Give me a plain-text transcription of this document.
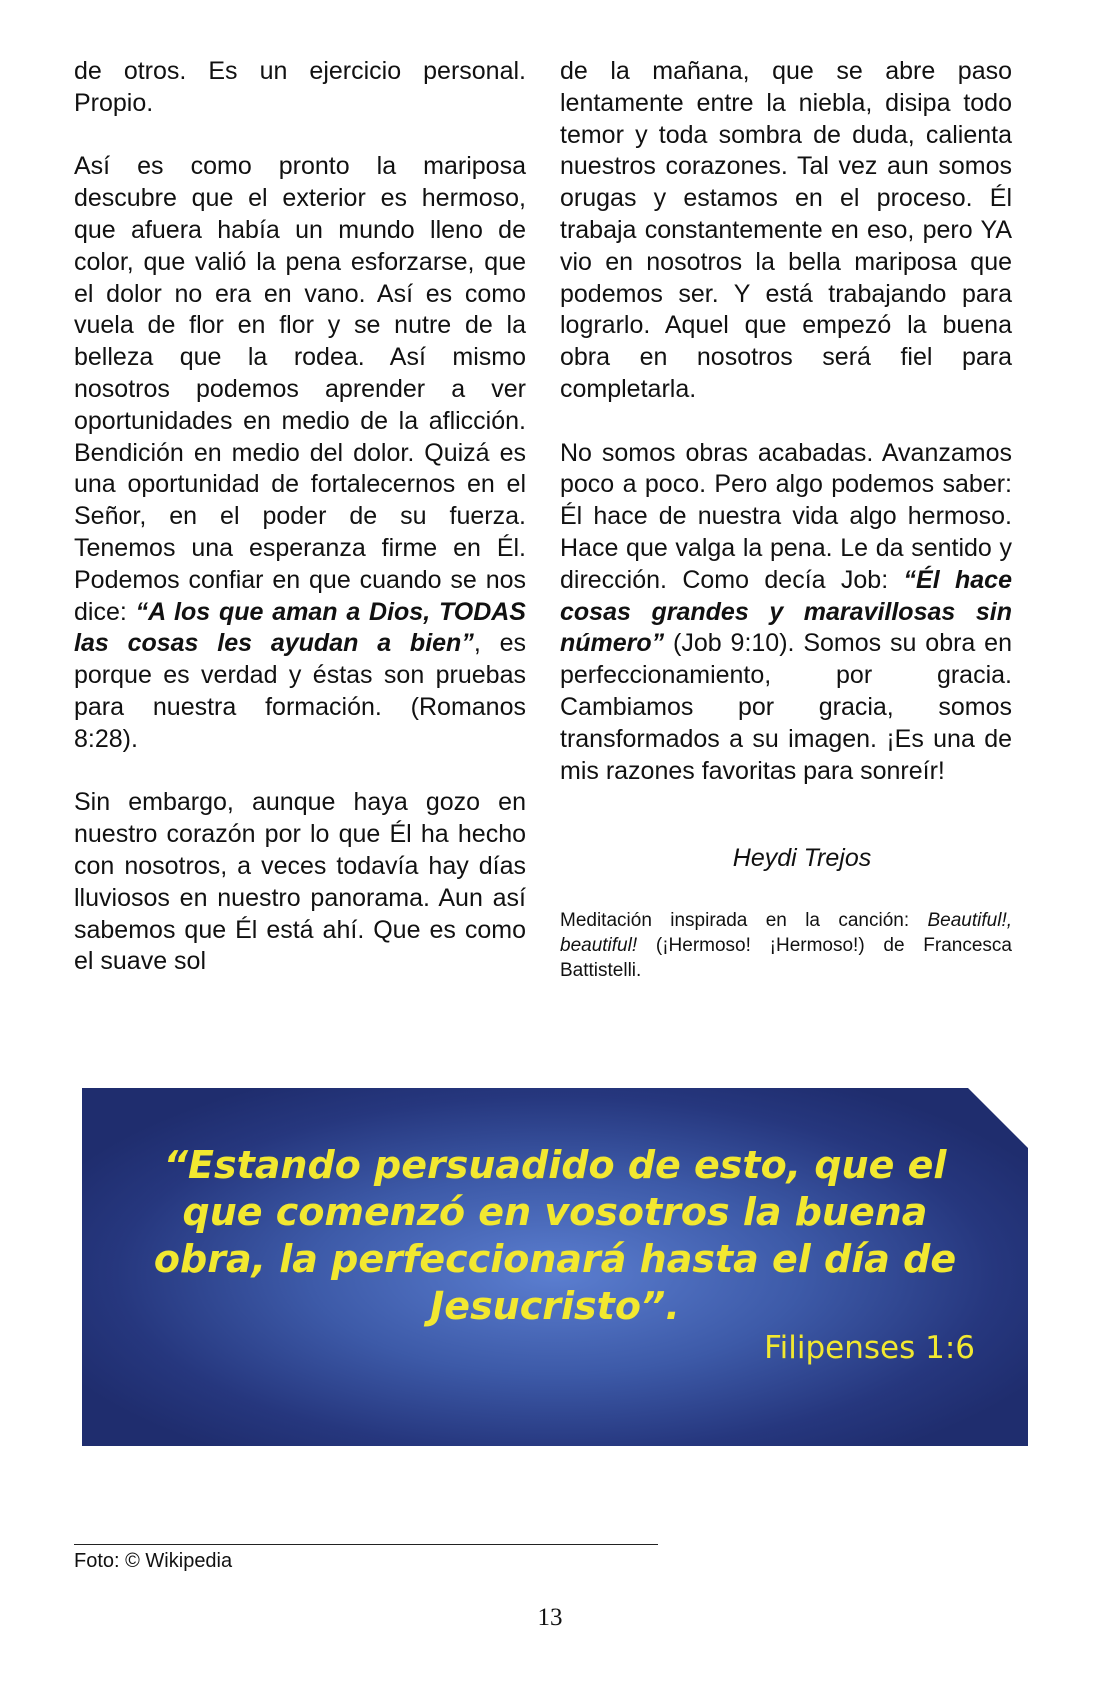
de otros. Es un ejercicio personal. Propio.

Así es como pronto la mariposa descubre que el exterior es hermoso, que afuera había un mundo lleno de color, que valió la pena esforzarse, que el dolor no era en vano. Así es como vuela de flor en flor y se nutre de la belleza que la rodea. Así mismo nosotros podemos aprender a ver oportunidades en medio de la aflicción. Bendición en medio del dolor. Quizá es una oportunidad de fortalecernos en el Señor, en el poder de su fuerza. Tenemos una esperanza firme en Él. Podemos confiar en que cuando se nos dice: “A los que aman a Dios, TODAS las cosas les ayudan a bien”, es porque es verdad y éstas son pruebas para nuestra formación. (Romanos 8:28).

Sin embargo, aunque haya gozo en nuestro corazón por lo que Él ha hecho con nosotros, a veces todavía hay días lluviosos en nuestro panorama. Aun así sabemos que Él está ahí. Que es como el suave sol

de la mañana, que se abre paso lentamente entre la niebla, disipa todo temor y toda sombra de duda, calienta nuestros corazones. Tal vez aun somos orugas y estamos en el proceso. Él trabaja constantemente en eso, pero YA vio en nosotros la bella mariposa que podemos ser. Y está trabajando para lograrlo. Aquel que empezó la buena obra en nosotros será fiel para completarla.

No somos obras acabadas. Avanzamos poco a poco. Pero algo podemos saber: Él hace de nuestra vida algo hermoso. Hace que valga la pena. Le da sentido y dirección. Como decía Job: “Él hace cosas grandes y maravillosas sin número” (Job 9:10). Somos su obra en perfeccionamiento, por gracia. Cambiamos por gracia, somos transformados a su imagen. ¡Es una de mis razones favoritas para sonreír!

Heydi Trejos
Meditación inspirada en la canción: Beautiful!, beautiful! (¡Hermoso! ¡Hermoso!) de Francesca Battistelli.
“Estando persuadido de esto, que el que comenzó en vosotros la buena obra, la perfeccionará hasta el día de Jesucristo”.
Filipenses 1:6
Foto: © Wikipedia
13
